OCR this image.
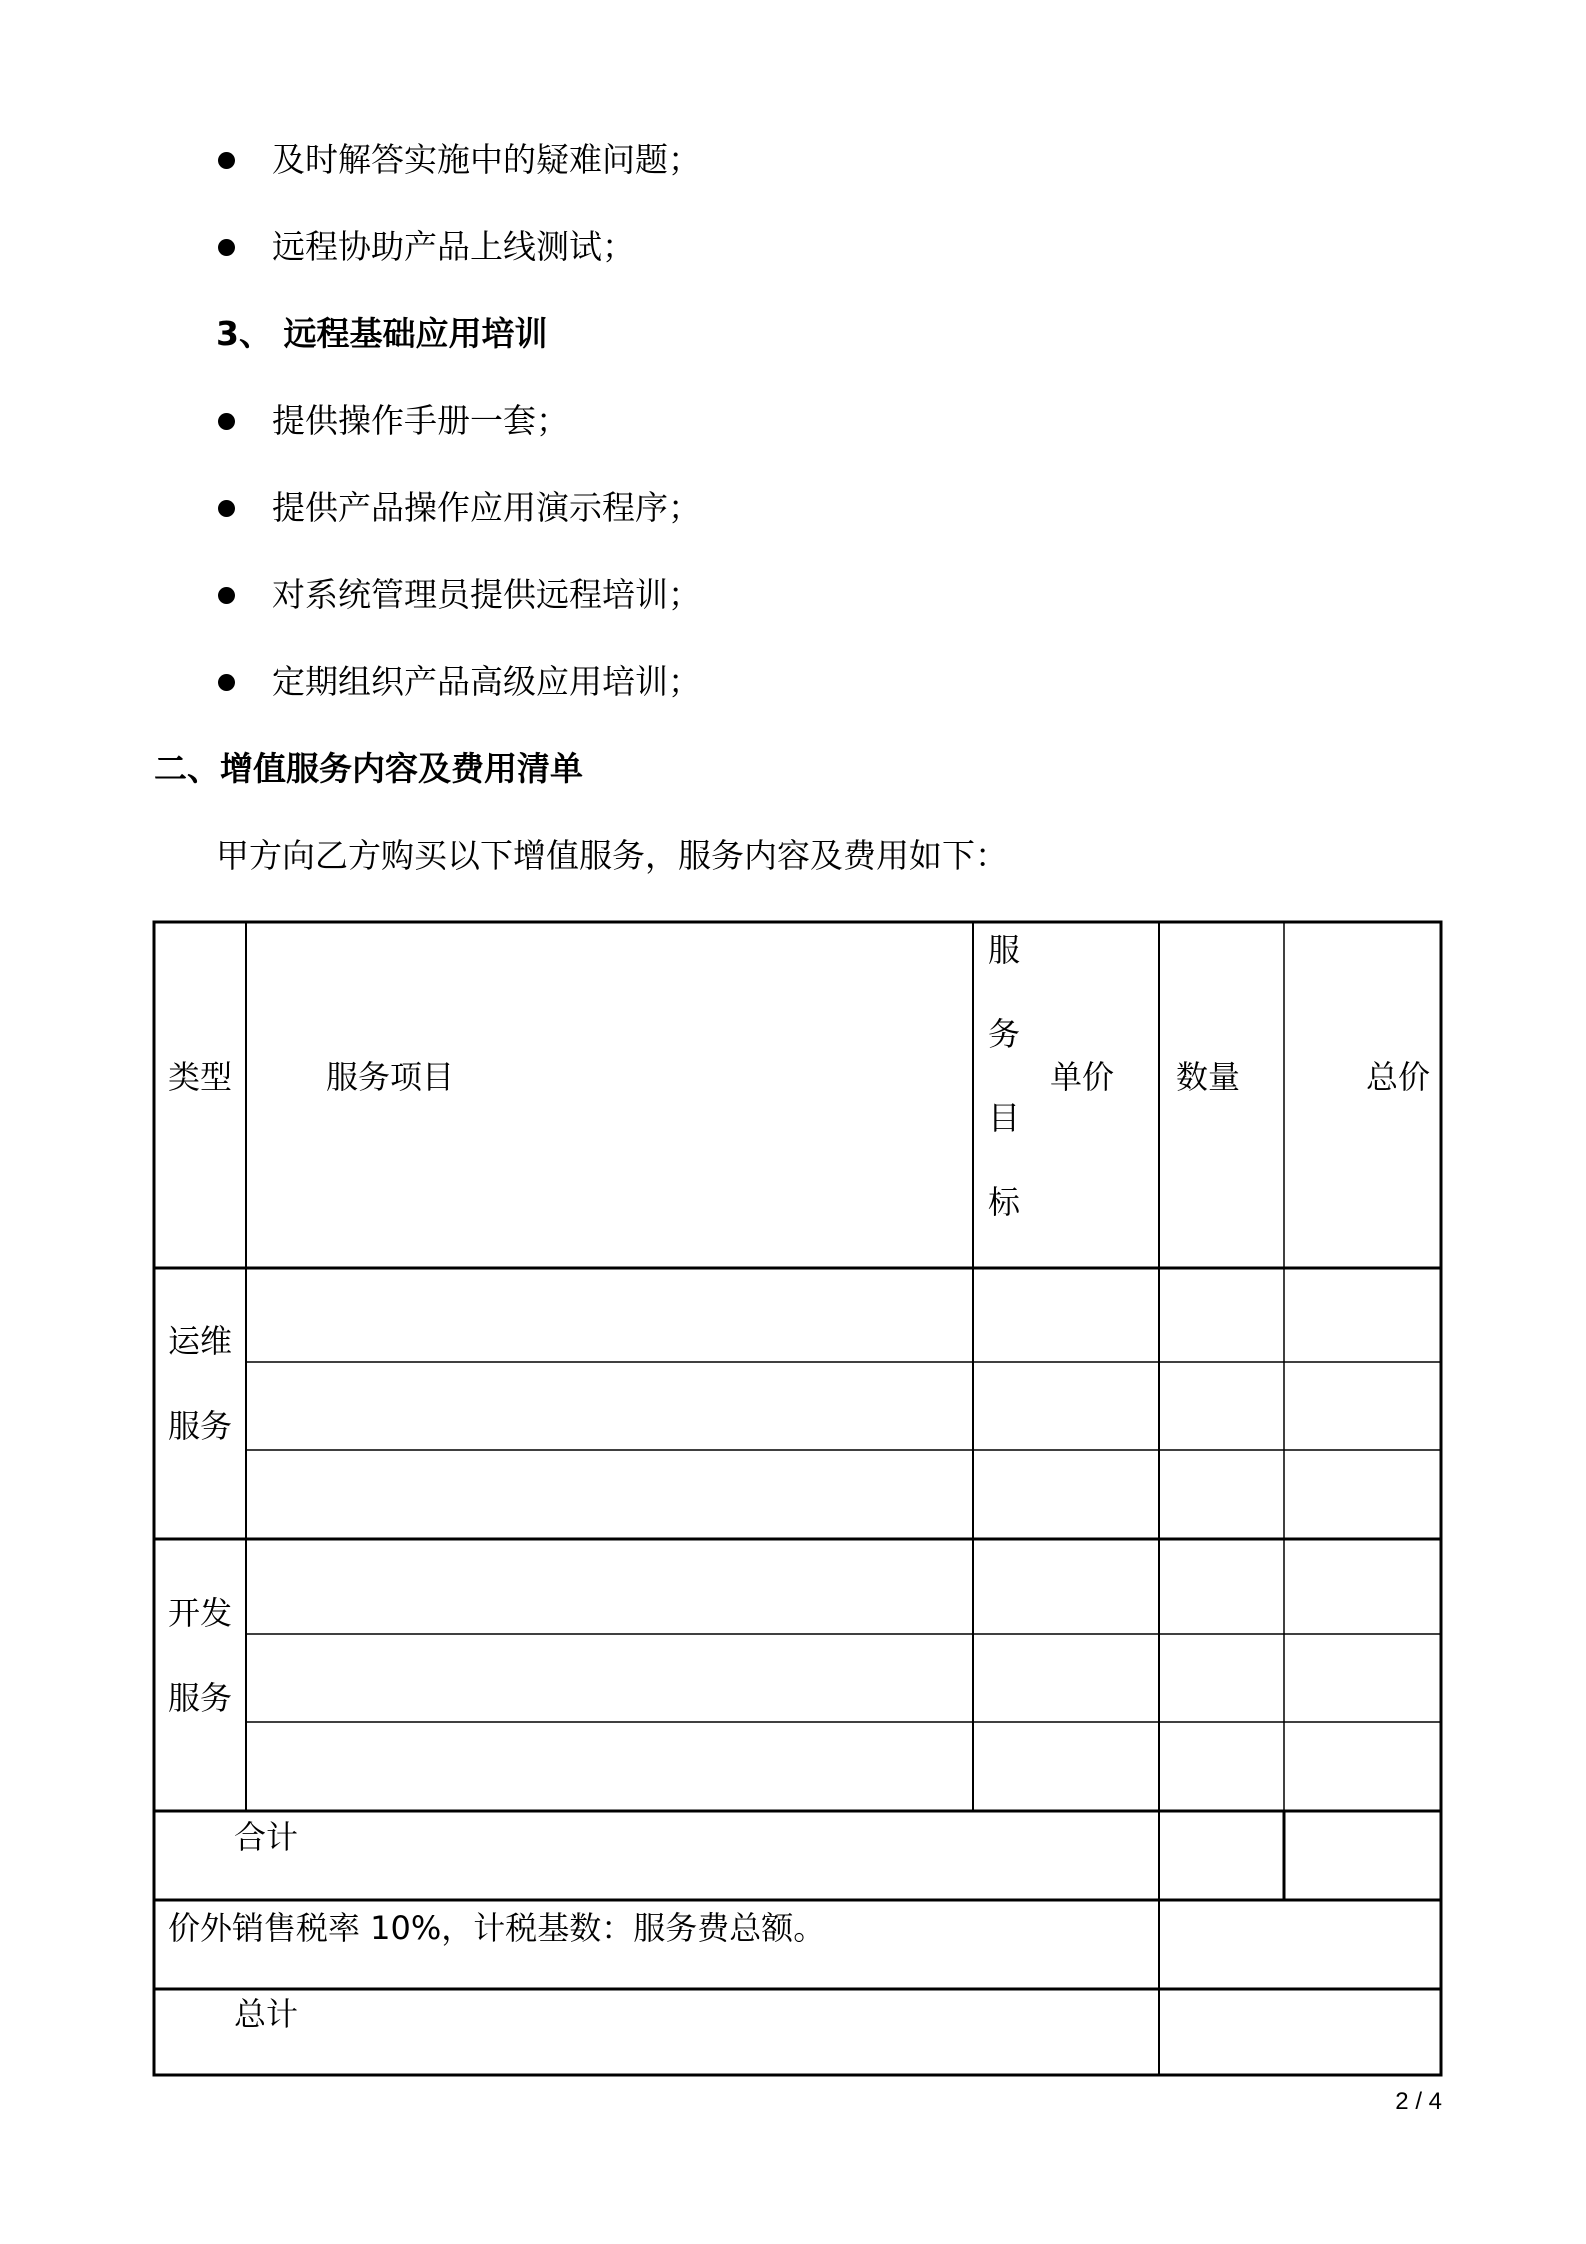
及时解答实施中的疑难问题；
远程协助产品上线测试；
3、 远程基础应用培训
提供操作手册一套；
提供产品操作应用演示程序；
对系统管理员提供远程培训；
定期组织产品高级应用培训；
二、增值服务内容及费用清单
甲方向乙方购买以下增值服务，服务内容及费用如下：
类型	服务项目
服
务
目
标
单价 数量	总价
运维
服务
开发
服务
合计
价外销售税率 10%，计税基数：服务费总额。
总计
2 / 4
